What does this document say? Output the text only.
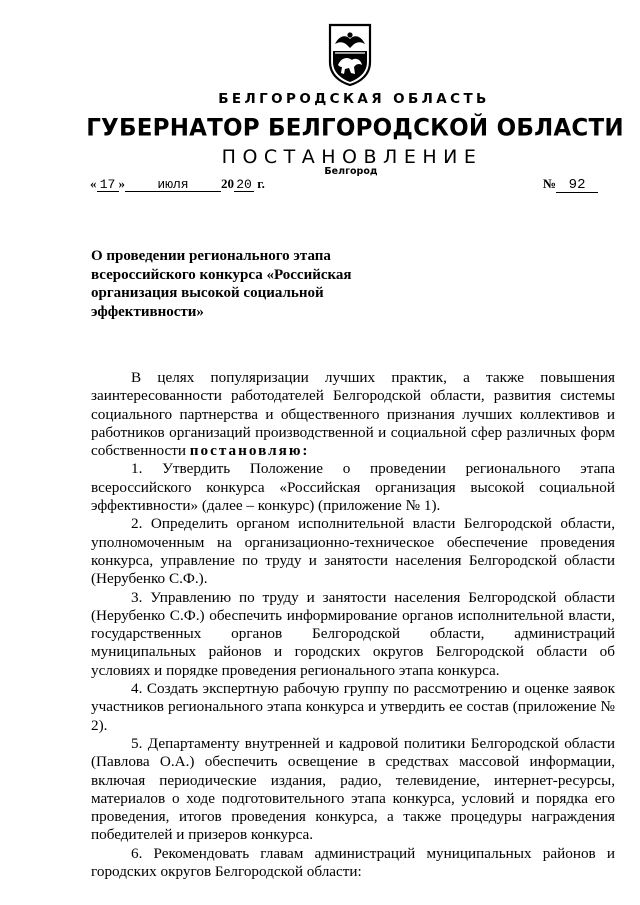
БЕЛГОРОДСКАЯ ОБЛАСТЬ
ГУБЕРНАТОР БЕЛГОРОДСКОЙ ОБЛАСТИ
ПОСТАНОВЛЕНИЕ
Белгород
« 17 » июля 20 20 г.	№ 92
О проведении регионального этапа всероссийского конкурса «Российская организация высокой социальной эффективности»

В целях популяризации лучших практик, а также повышения заинтересованности работодателей Белгородской области, развития системы социального партнерства и общественного признания лучших коллективов и работников организаций производственной и социальной сфер различных форм собственности постановляю:

1. Утвердить Положение о проведении регионального этапа всероссийского конкурса «Российская организация высокой социальной эффективности» (далее – конкурс) (приложение № 1).

2. Определить органом исполнительной власти Белгородской области, уполномоченным на организационно-техническое обеспечение проведения конкурса, управление по труду и занятости населения Белгородской области (Нерубенко С.Ф.).

3. Управлению по труду и занятости населения Белгородской области (Нерубенко С.Ф.) обеспечить информирование органов исполнительной власти, государственных органов Белгородской области, администраций муниципальных районов и городских округов Белгородской области об условиях и порядке проведения регионального этапа конкурса.

4. Создать экспертную рабочую группу по рассмотрению и оценке заявок участников регионального этапа конкурса и утвердить ее состав (приложение № 2).

5. Департаменту внутренней и кадровой политики Белгородской области (Павлова О.А.) обеспечить освещение в средствах массовой информации, включая периодические издания, радио, телевидение, интернет-ресурсы, материалов о ходе подготовительного этапа конкурса, условий и порядка его проведения, итогов проведения конкурса, а также процедуры награждения победителей и призеров конкурса.

6. Рекомендовать главам администраций муниципальных районов и городских округов Белгородской области:
